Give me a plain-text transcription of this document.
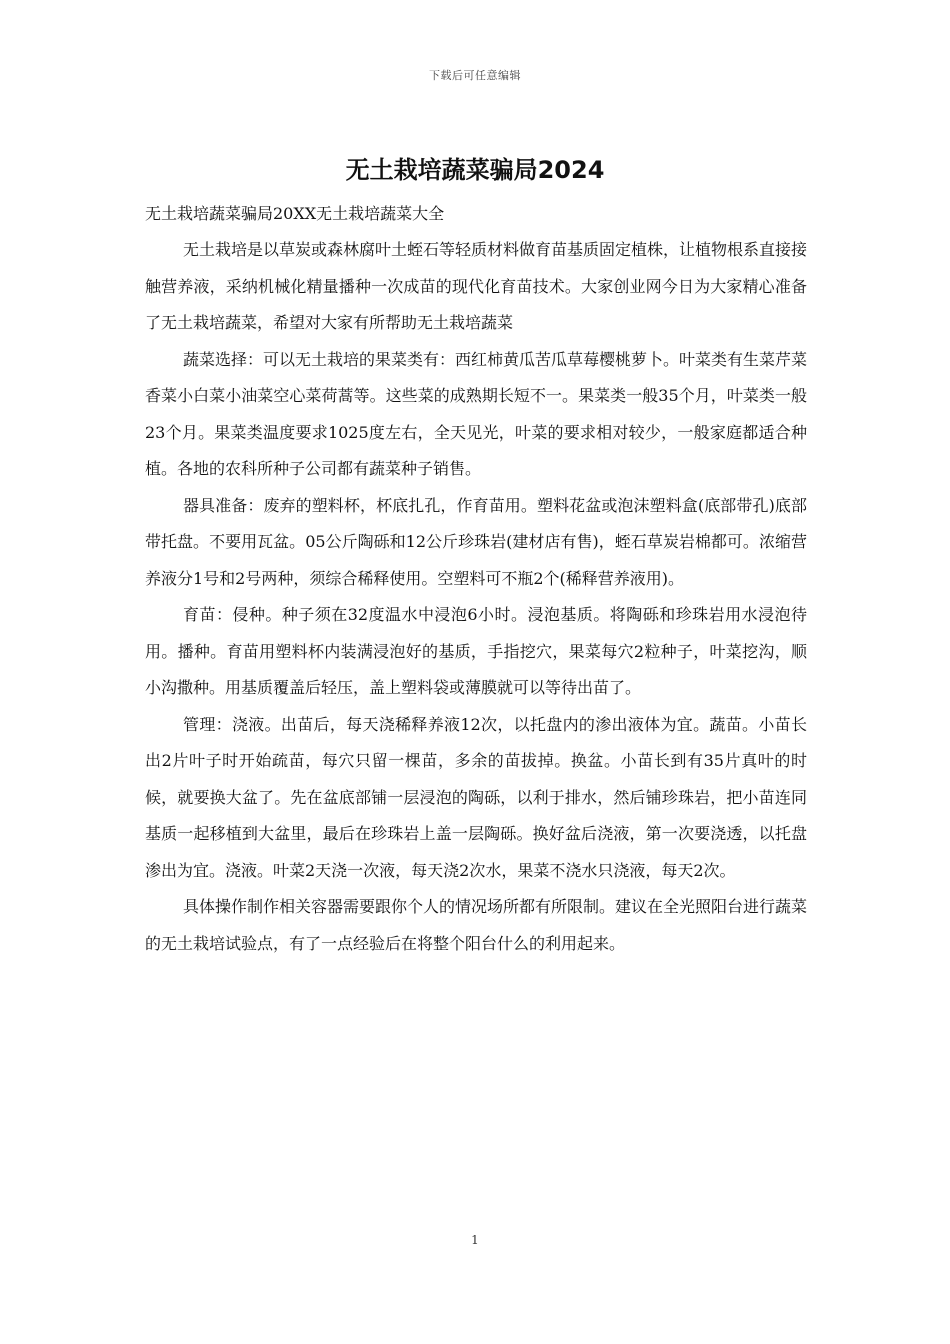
下载后可任意编辑
无土栽培蔬菜骗局2024

无土栽培蔬菜骗局20XX无土栽培蔬菜大全

无土栽培是以草炭或森林腐叶土蛭石等轻质材料做育苗基质固定植株，让植物根系直接接触营养液，采纳机械化精量播种一次成苗的现代化育苗技术。大家创业网今日为大家精心准备了无土栽培蔬菜，希望对大家有所帮助无土栽培蔬菜

蔬菜选择：可以无土栽培的果菜类有：西红柿黄瓜苦瓜草莓樱桃萝卜。叶菜类有生菜芹菜香菜小白菜小油菜空心菜荷蒿等。这些菜的成熟期长短不一。果菜类一般35个月，叶菜类一般23个月。果菜类温度要求1025度左右，全天见光，叶菜的要求相对较少，一般家庭都适合种植。各地的农科所种子公司都有蔬菜种子销售。

器具准备：废弃的塑料杯，杯底扎孔，作育苗用。塑料花盆或泡沫塑料盒(底部带孔)底部带托盘。不要用瓦盆。05公斤陶砾和12公斤珍珠岩(建材店有售)，蛭石草炭岩棉都可。浓缩营养液分1号和2号两种，须综合稀释使用。空塑料可不瓶2个(稀释营养液用)。

育苗：侵种。种子须在32度温水中浸泡6小时。浸泡基质。将陶砾和珍珠岩用水浸泡待用。播种。育苗用塑料杯内装满浸泡好的基质，手指挖穴，果菜每穴2粒种子，叶菜挖沟，顺小沟撒种。用基质覆盖后轻压，盖上塑料袋或薄膜就可以等待出苗了。

管理：浇液。出苗后，每天浇稀释养液12次，以托盘内的渗出液体为宜。蔬苗。小苗长出2片叶子时开始疏苗，每穴只留一棵苗，多余的苗拔掉。换盆。小苗长到有35片真叶的时候，就要换大盆了。先在盆底部铺一层浸泡的陶砾，以利于排水，然后铺珍珠岩，把小苗连同基质一起移植到大盆里，最后在珍珠岩上盖一层陶砾。换好盆后浇液，第一次要浇透，以托盘渗出为宜。浇液。叶菜2天浇一次液，每天浇2次水，果菜不浇水只浇液，每天2次。

具体操作制作相关容器需要跟你个人的情况场所都有所限制。建议在全光照阳台进行蔬菜的无土栽培试验点，有了一点经验后在将整个阳台什么的利用起来。

1
